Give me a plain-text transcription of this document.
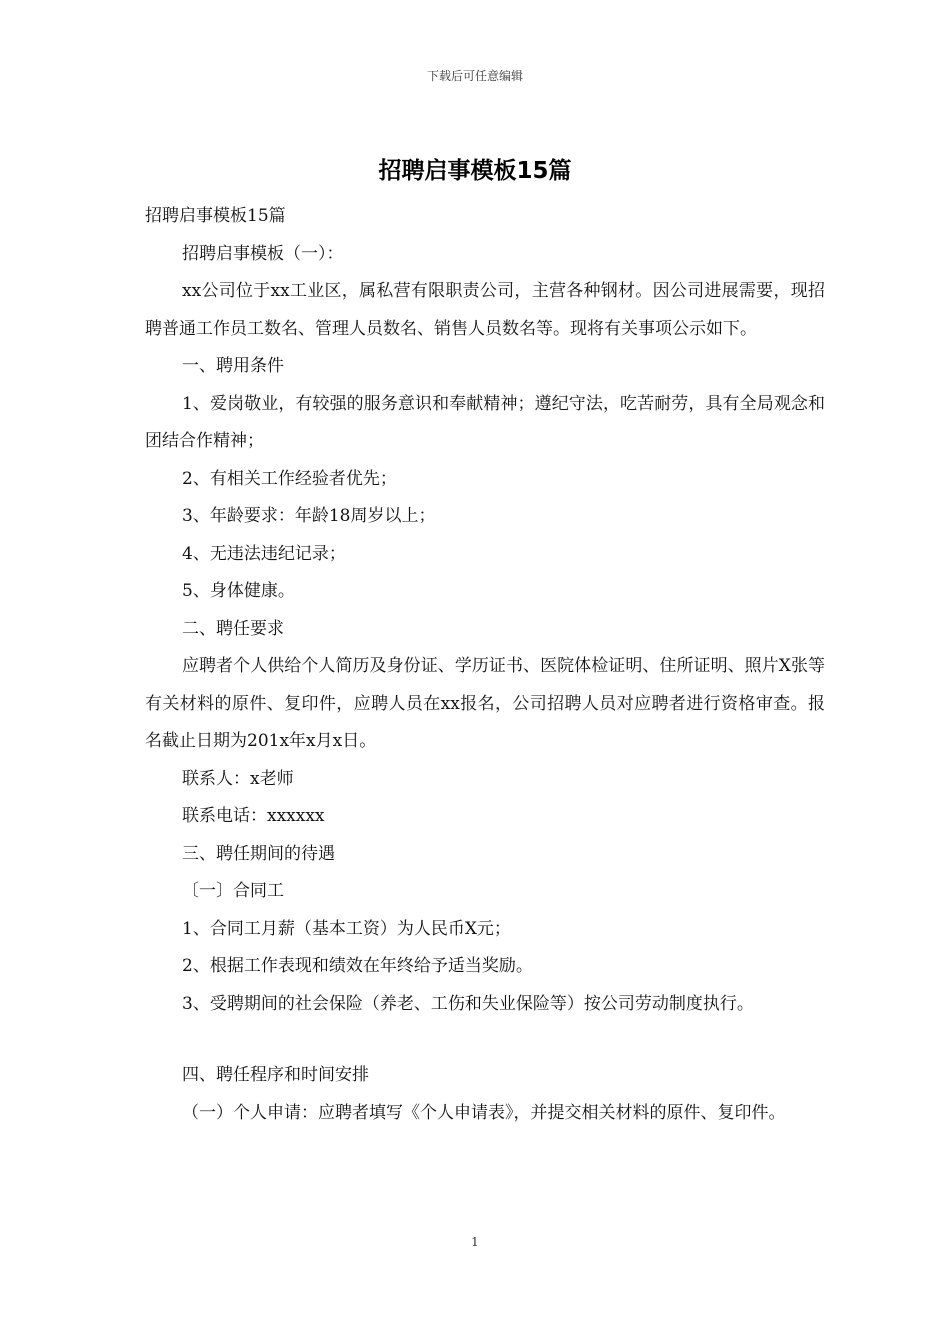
下载后可任意编辑
招聘启事模板15篇

招聘启事模板15篇

招聘启事模板（一）：

xx公司位于xx工业区，属私营有限职责公司，主营各种钢材。因公司进展需要，现招聘普通工作员工数名、管理人员数名、销售人员数名等。现将有关事项公示如下。

一、聘用条件

1、爱岗敬业，有较强的服务意识和奉献精神；遵纪守法，吃苦耐劳，具有全局观念和团结合作精神；

2、有相关工作经验者优先；

3、年龄要求：年龄18周岁以上；

4、无违法违纪记录；

5、身体健康。

二、聘任要求

应聘者个人供给个人简历及身份证、学历证书、医院体检证明、住所证明、照片X张等有关材料的原件、复印件，应聘人员在xx报名，公司招聘人员对应聘者进行资格审查。报名截止日期为201x年x月x日。

联系人：x老师

联系电话：xxxxxx

三、聘任期间的待遇

〔一〕合同工

1、合同工月薪（基本工资）为人民币X元；

2、根据工作表现和绩效在年终给予适当奖励。

3、受聘期间的社会保险（养老、工伤和失业保险等）按公司劳动制度执行。

四、聘任程序和时间安排

（一）个人申请：应聘者填写《个人申请表》，并提交相关材料的原件、复印件。

1
